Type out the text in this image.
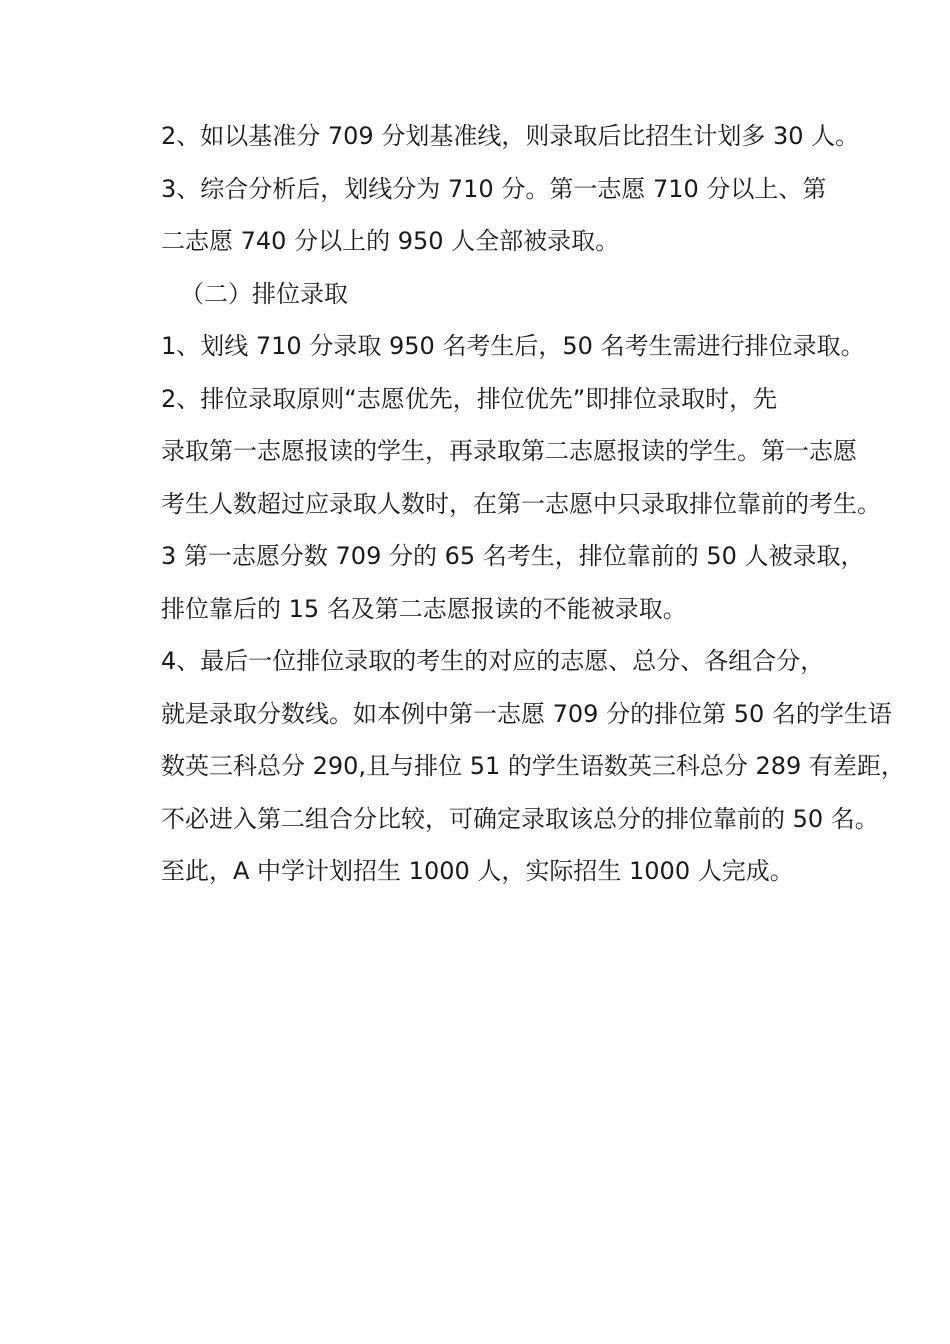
2、如以基准分 709 分划基准线，则录取后比招生计划多 30 人。

3、综合分析后，划线分为 710 分。第一志愿 710 分以上、第
二志愿 740 分以上的 950 人全部被录取。

（二）排位录取

1、划线 710 分录取 950 名考生后，50 名考生需进行排位录取。

2、排位录取原则“志愿优先，排位优先”即排位录取时，先
录取第一志愿报读的学生，再录取第二志愿报读的学生。第一志愿
考生人数超过应录取人数时，在第一志愿中只录取排位靠前的考生。

3 第一志愿分数 709 分的 65 名考生，排位靠前的 50 人被录取，
排位靠后的 15 名及第二志愿报读的不能被录取。

4、最后一位排位录取的考生的对应的志愿、总分、各组合分，
就是录取分数线。如本例中第一志愿 709 分的排位第 50 名的学生语
数英三科总分 290,且与排位 51 的学生语数英三科总分 289 有差距，
不必进入第二组合分比较，可确定录取该总分的排位靠前的 50 名。

至此，A 中学计划招生 1000 人，实际招生 1000 人完成。
